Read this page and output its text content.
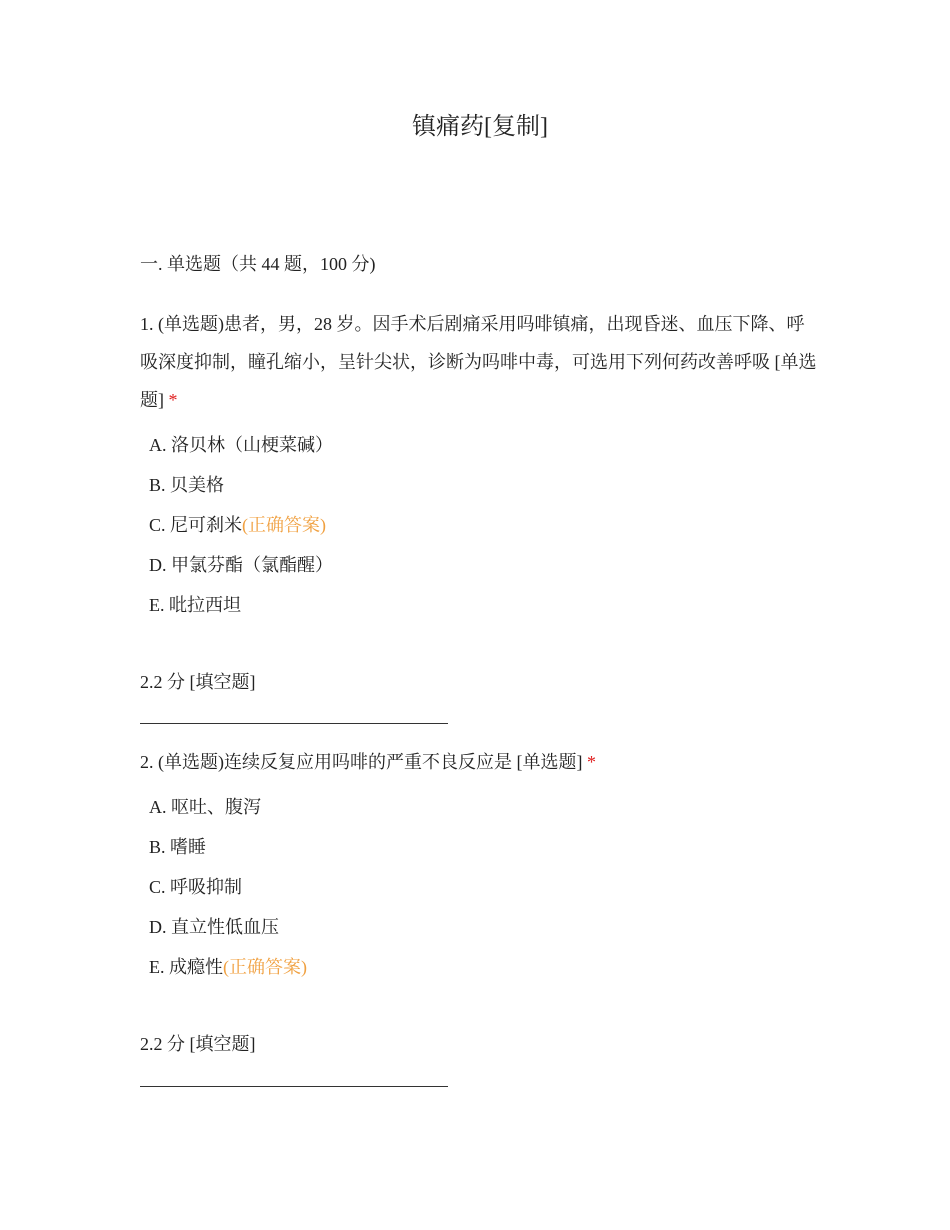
镇痛药[复制]
一. 单选题（共 44 题，100 分)
1. (单选题)患者，男，28 岁。因手术后剧痛采用吗啡镇痛，出现昏迷、血压下降、呼吸深度抑制，瞳孔缩小，呈针尖状，诊断为吗啡中毒，可选用下列何药改善呼吸 [单选题] *
A. 洛贝林（山梗菜碱）
B. 贝美格
C. 尼可刹米(正确答案)
D. 甲氯芬酯（氯酯醒）
E. 吡拉西坦
2.2 分 [填空题]
2. (单选题)连续反复应用吗啡的严重不良反应是 [单选题] *
A. 呕吐、腹泻
B. 嗜睡
C. 呼吸抑制
D. 直立性低血压
E. 成瘾性(正确答案)
2.2 分 [填空题]
